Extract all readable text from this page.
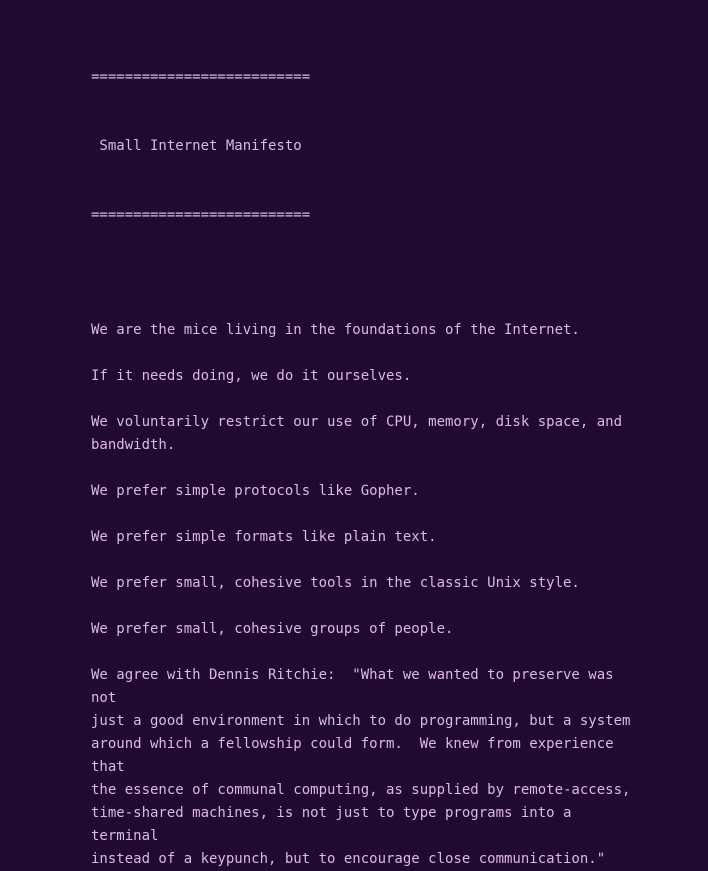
==========================

Small Internet Manifesto

==========================

We are the mice living in the foundations of the Internet.

If it needs doing, we do it ourselves.

We voluntarily restrict our use of CPU, memory, disk space, and
bandwidth.

We prefer simple protocols like Gopher.

We prefer simple formats like plain text.

We prefer small, cohesive tools in the classic Unix style.

We prefer small, cohesive groups of people.

We agree with Dennis Ritchie:  "What we wanted to preserve was not
just a good environment in which to do programming, but a system
around which a fellowship could form.  We knew from experience that
the essence of communal computing, as supplied by remote-access,
time-shared machines, is not just to type programs into a terminal
instead of a keypunch, but to encourage close communication."
